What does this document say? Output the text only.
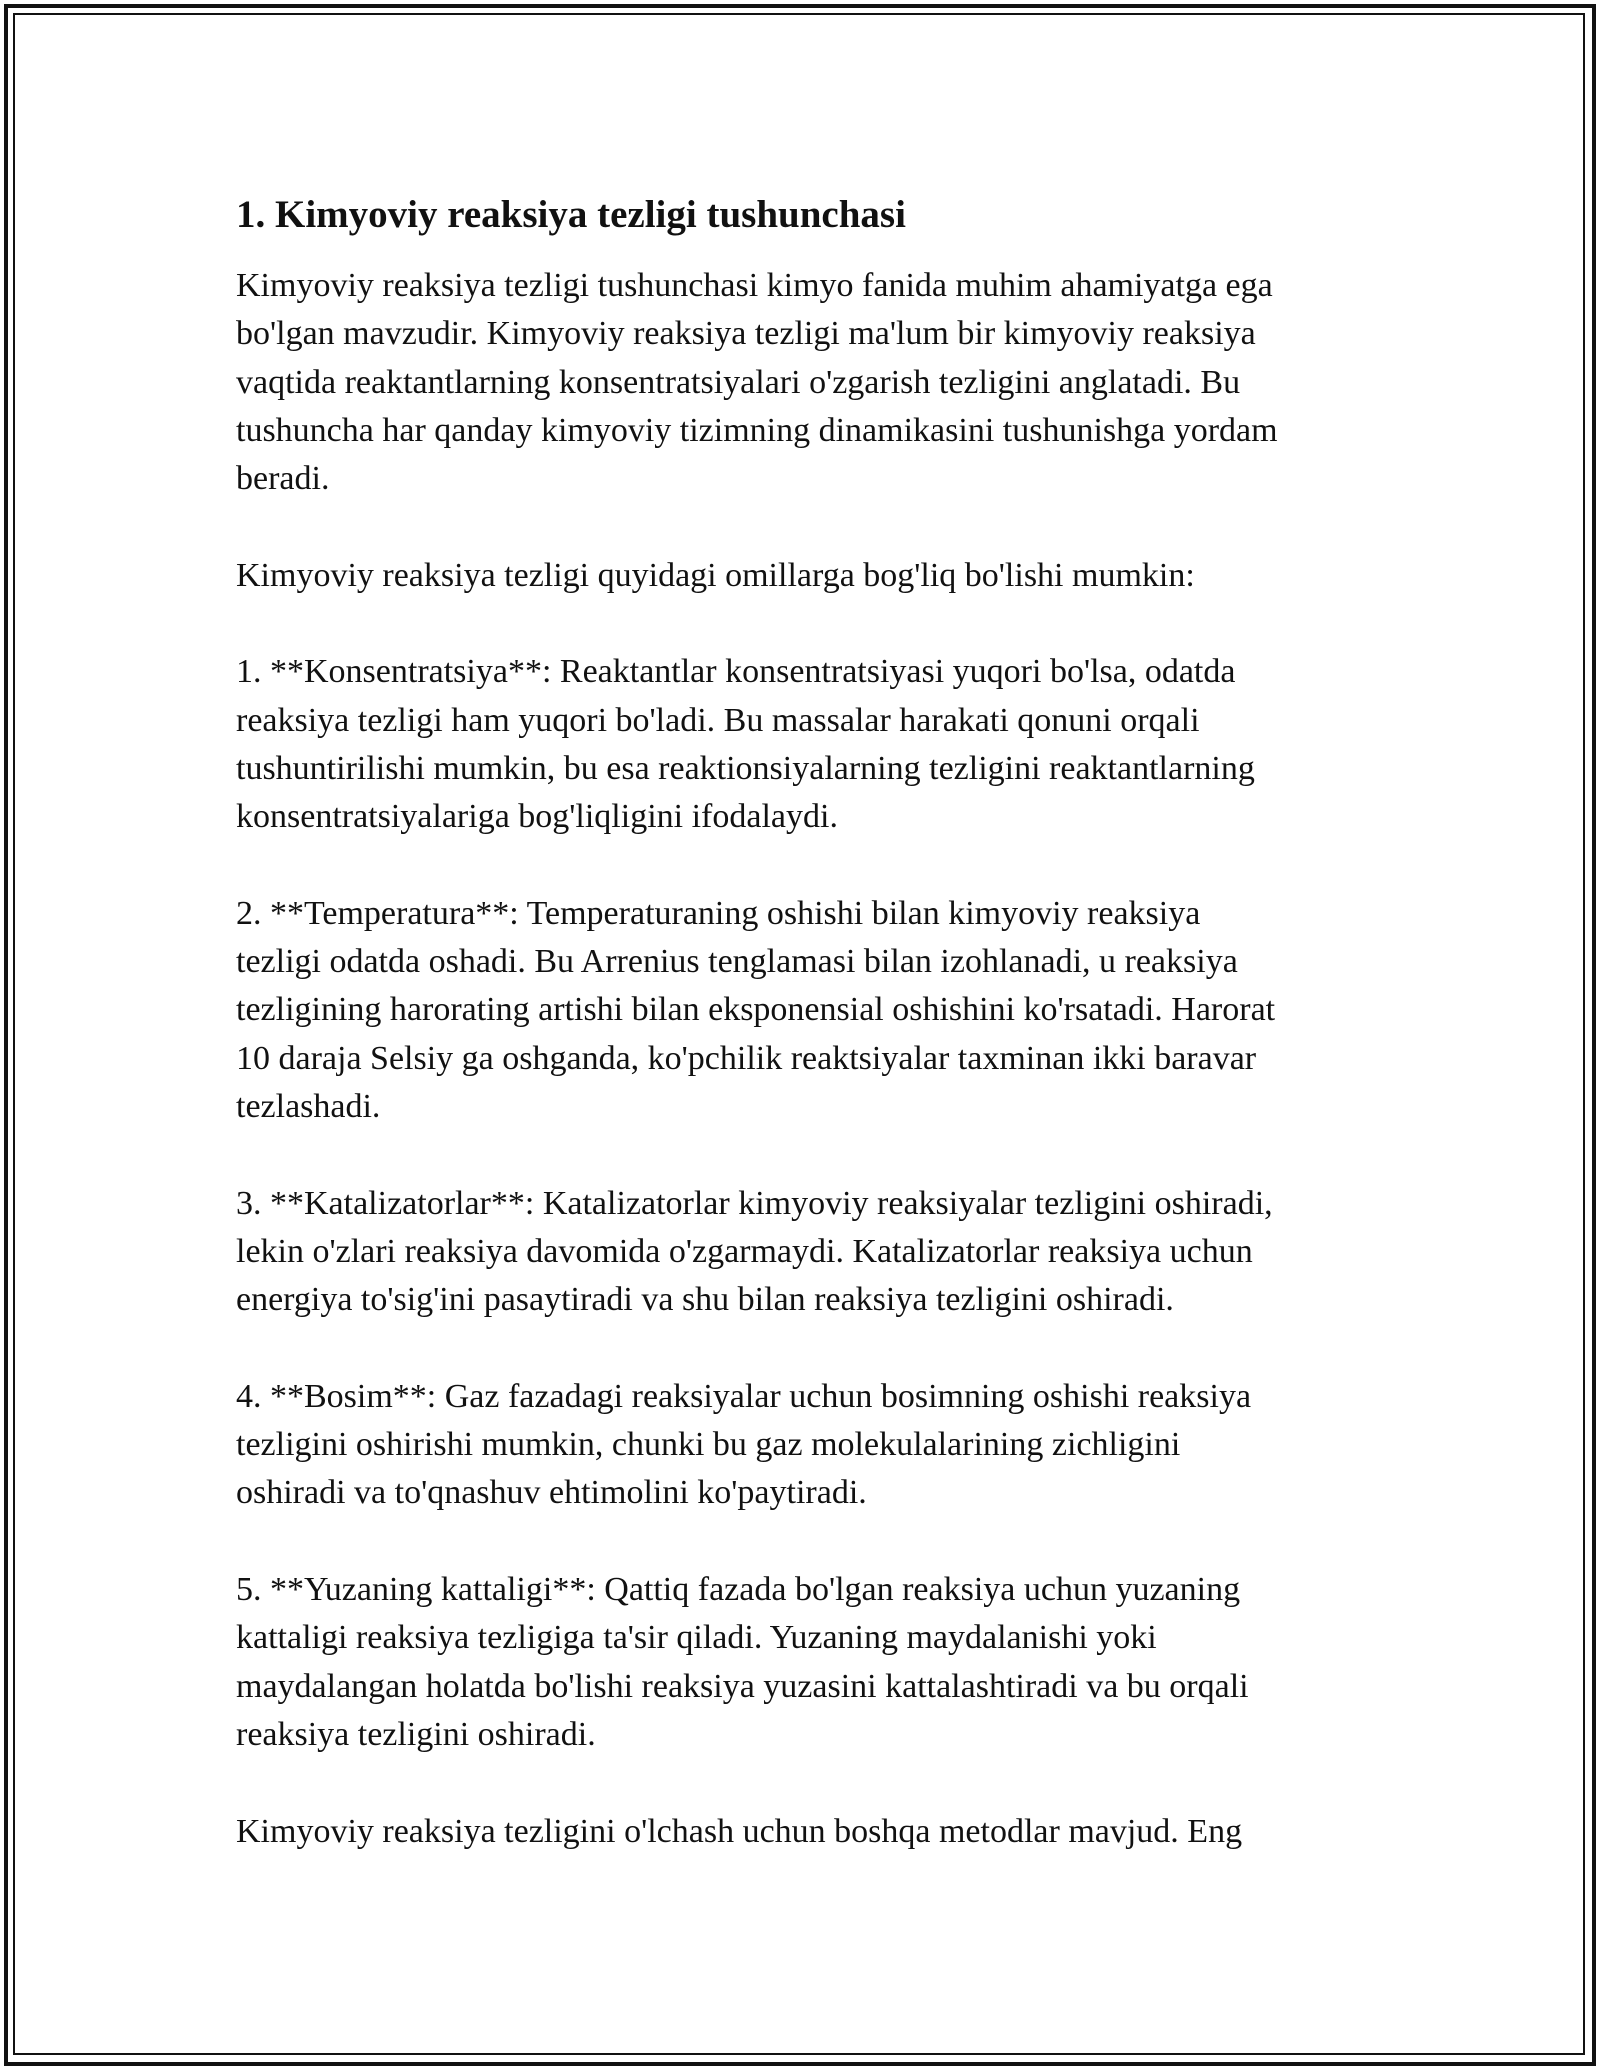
1. Kimyoviy reaksiya tezligi tushunchasi

Kimyoviy reaksiya tezligi tushunchasi kimyo fanida muhim ahamiyatga ega
bo'lgan mavzudir. Kimyoviy reaksiya tezligi ma'lum bir kimyoviy reaksiya
vaqtida reaktantlarning konsentratsiyalari o'zgarish tezligini anglatadi. Bu
tushuncha har qanday kimyoviy tizimning dinamikasini tushunishga yordam
beradi.

Kimyoviy reaksiya tezligi quyidagi omillarga bog'liq bo'lishi mumkin:

1. **Konsentratsiya**: Reaktantlar konsentratsiyasi yuqori bo'lsa, odatda
reaksiya tezligi ham yuqori bo'ladi. Bu massalar harakati qonuni orqali
tushuntirilishi mumkin, bu esa reaktionsiyalarning tezligini reaktantlarning
konsentratsiyalariga bog'liqligini ifodalaydi.

2. **Temperatura**: Temperaturaning oshishi bilan kimyoviy reaksiya
tezligi odatda oshadi. Bu Arrenius tenglamasi bilan izohlanadi, u reaksiya
tezligining harorating artishi bilan eksponensial oshishini ko'rsatadi. Harorat
10 daraja Selsiy ga oshganda, ko'pchilik reaktsiyalar taxminan ikki baravar
tezlashadi.

3. **Katalizatorlar**: Katalizatorlar kimyoviy reaksiyalar tezligini oshiradi,
lekin o'zlari reaksiya davomida o'zgarmaydi. Katalizatorlar reaksiya uchun
energiya to'sig'ini pasaytiradi va shu bilan reaksiya tezligini oshiradi.

4. **Bosim**: Gaz fazadagi reaksiyalar uchun bosimning oshishi reaksiya
tezligini oshirishi mumkin, chunki bu gaz molekulalarining zichligini
oshiradi va to'qnashuv ehtimolini ko'paytiradi.

5. **Yuzaning kattaligi**: Qattiq fazada bo'lgan reaksiya uchun yuzaning
kattaligi reaksiya tezligiga ta'sir qiladi. Yuzaning maydalanishi yoki
maydalangan holatda bo'lishi reaksiya yuzasini kattalashtiradi va bu orqali
reaksiya tezligini oshiradi.

Kimyoviy reaksiya tezligini o'lchash uchun boshqa metodlar mavjud. Eng
